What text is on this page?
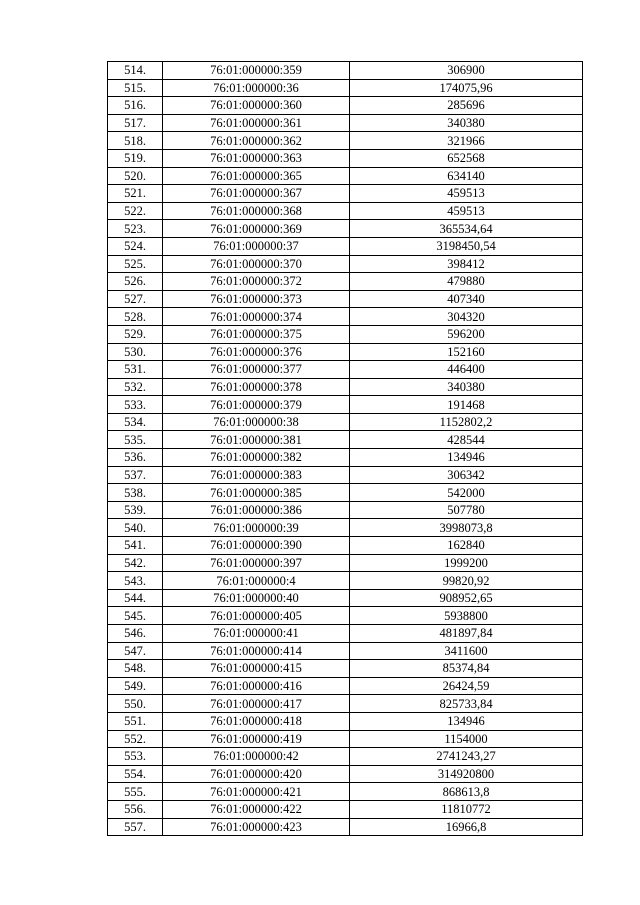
514.	76:01:000000:359	306900
515.	76:01:000000:36	174075,96
516.	76:01:000000:360	285696
517.	76:01:000000:361	340380
518.	76:01:000000:362	321966
519.	76:01:000000:363	652568
520.	76:01:000000:365	634140
521.	76:01:000000:367	459513
522.	76:01:000000:368	459513
523.	76:01:000000:369	365534,64
524.	76:01:000000:37	3198450,54
525.	76:01:000000:370	398412
526.	76:01:000000:372	479880
527.	76:01:000000:373	407340
528.	76:01:000000:374	304320
529.	76:01:000000:375	596200
530.	76:01:000000:376	152160
531.	76:01:000000:377	446400
532.	76:01:000000:378	340380
533.	76:01:000000:379	191468
534.	76:01:000000:38	1152802,2
535.	76:01:000000:381	428544
536.	76:01:000000:382	134946
537.	76:01:000000:383	306342
538.	76:01:000000:385	542000
539.	76:01:000000:386	507780
540.	76:01:000000:39	3998073,8
541.	76:01:000000:390	162840
542.	76:01:000000:397	1999200
543.	76:01:000000:4	99820,92
544.	76:01:000000:40	908952,65
545.	76:01:000000:405	5938800
546.	76:01:000000:41	481897,84
547.	76:01:000000:414	3411600
548.	76:01:000000:415	85374,84
549.	76:01:000000:416	26424,59
550.	76:01:000000:417	825733,84
551.	76:01:000000:418	134946
552.	76:01:000000:419	1154000
553.	76:01:000000:42	2741243,27
554.	76:01:000000:420	314920800
555.	76:01:000000:421	868613,8
556.	76:01:000000:422	11810772
557.	76:01:000000:423	16966,8
